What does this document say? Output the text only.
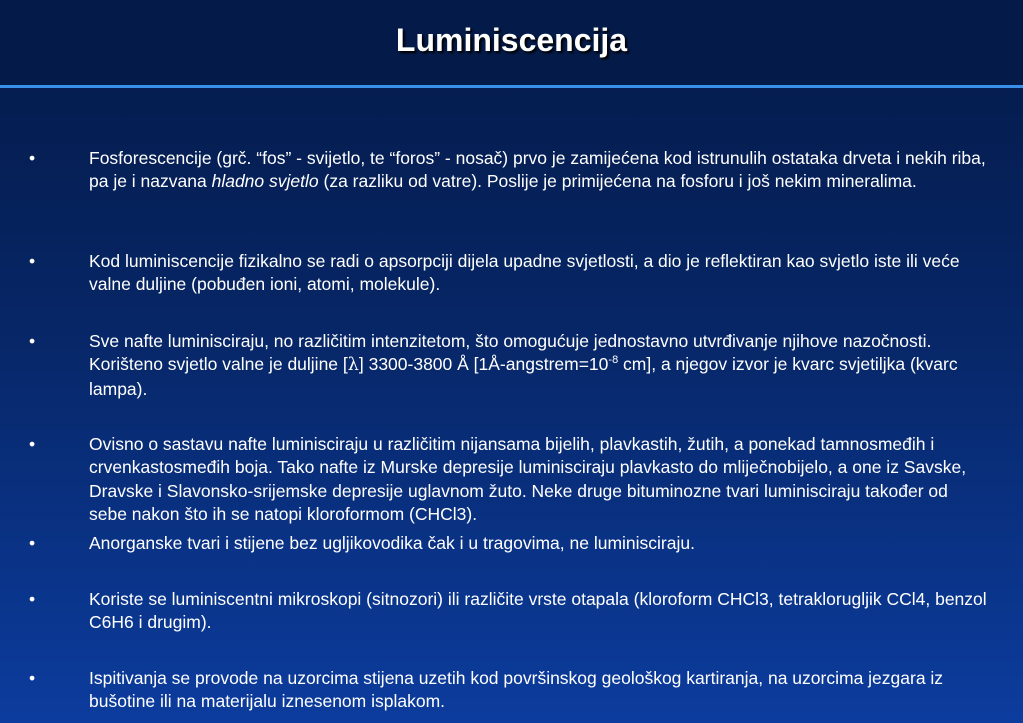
Luminiscencija
•	Fosforescencije (grč. “fos” - svijetlo, te “foros” - nosač) prvo je zamijećena kod istrunulih ostataka drveta i nekih riba, pa je i nazvana hladno svjetlo (za razliku od vatre). Poslije je primijećena na fosforu i još nekim mineralima.
•	Kod luminiscencije fizikalno se radi o apsorpciji dijela upadne svjetlosti, a dio je reflektiran kao svjetlo iste ili veće valne duljine (pobuđen ioni, atomi, molekule).
•	Sve nafte luminisciraju, no različitim intenzitetom, što omogućuje jednostavno utvrđivanje njihove nazočnosti. Korišteno svjetlo valne je duljine [λ] 3300-3800 Å [$1Å-angstrem=10^{-8}$ cm], a njegov izvor je kvarc svjetiljka (kvarc lampa).
•	Ovisno o sastavu nafte luminisciraju u različitim nijansama bijelih, plavkastih, žutih, a ponekad tamnosmeđih i crvenkastosmeđih boja. Tako nafte iz Murske depresije luminisciraju plavkasto do mliječnobijelo, a one iz Savske, Dravske i Slavonsko-srijemske depresije uglavnom žuto. Neke druge bituminozne tvari luminisciraju također od sebe nakon što ih se natopi kloroformom (CHCl3).
•	Anorganske tvari i stijene bez ugljikovodika čak i u tragovima, ne luminisciraju.
•	Koriste se luminiscentni mikroskopi (sitnozori) ili različite vrste otapala (kloroform CHCl3, tetraklorugljik CCl4, benzol C6H6 i drugim).
•	Ispitivanja se provode na uzorcima stijena uzetih kod površinskog geološkog kartiranja, na uzorcima jezgara iz bušotine ili na materijalu iznesenom isplakom.
